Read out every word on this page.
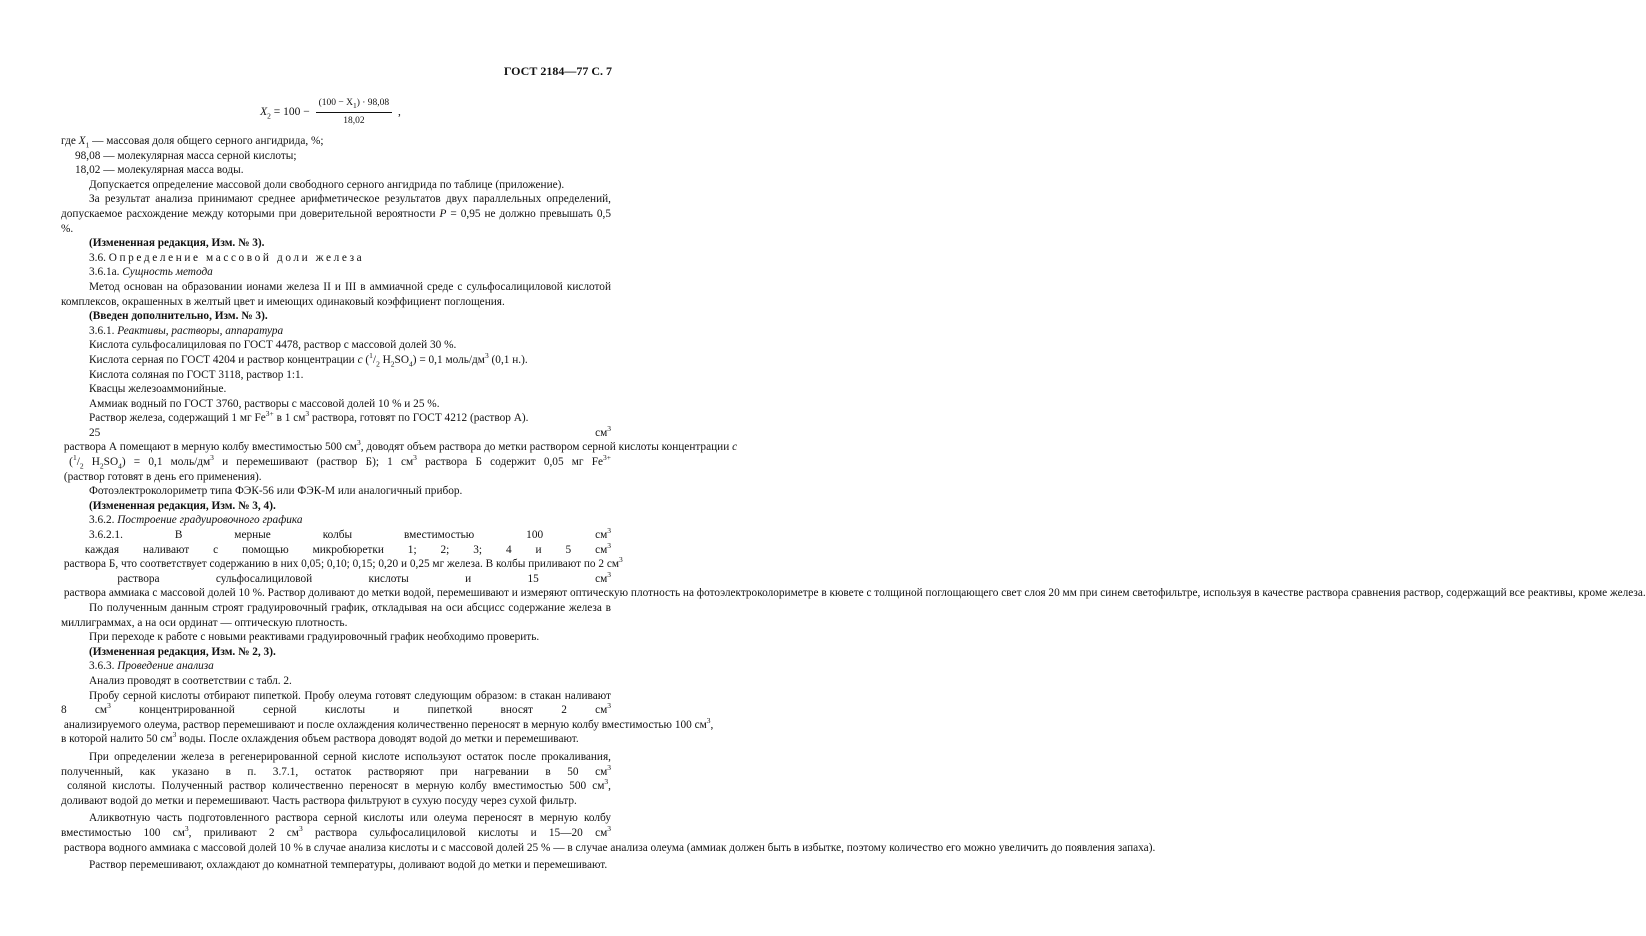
ГОСТ 2184—77 С. 7
$X_2 = 100 - \frac{(100 - X_1) \cdot 98,08}{18,02}$ ,
где $X_1$ — массовая доля общего серного ангидрида, %;
98,08 — молекулярная масса серной кислоты;
18,02 — молекулярная масса воды.
Допускается определение массовой доли свободного серного ангидрида по таблице (приложение).
За результат анализа принимают среднее арифметическое результатов двух параллельных определений, допускаемое расхождение между которыми при доверительной вероятности P = 0,95 не должно превышать 0,5 %.
(Измененная редакция, Изм. № 3).
3.6. Определение массовой доли железа
3.6.1а. Сущность метода
Метод основан на образовании ионами железа II и III в аммиачной среде с сульфосалициловой кислотой комплексов, окрашенных в желтый цвет и имеющих одинаковый коэффициент поглощения.
(Введен дополнительно, Изм. № 3).
3.6.1. Реактивы, растворы, аппаратура
Кислота сульфосалициловая по ГОСТ 4478, раствор с массовой долей 30 %.
Кислота серная по ГОСТ 4204 и раствор концентрации c ($^1/_2$ $H_2SO_4) = 0,1$ моль/$дм^3$ (0,1 н.).
Кислота соляная по ГОСТ 3118, раствор 1:1.
Квасцы железоаммонийные.
Аммиак водный по ГОСТ 3760, растворы с массовой долей 10 % и 25 %.
Раствор железа, содержащий 1 мг $Fe^{3+}$ в 1 $см^3$ раствора, готовят по ГОСТ 4212 (раствор А).
25 $см^3$ раствора А помещают в мерную колбу вместимостью 500 $см^3$, доводят объем раствора до метки раствором серной кислоты концентрации c ($^1/_2$ $H_2SO_4) = 0,1$ моль/$дм^3$ и перемешивают (раствор Б); 1 $см^3$ раствора Б содержит 0,05 мг $Fe^{3+}$ (раствор готовят в день его применения).
Фотоэлектроколориметр типа ФЭК-56 или ФЭК-М или аналогичный прибор.
(Измененная редакция, Изм. № 3, 4).
3.6.2. Построение градуировочного графика
3.6.2.1. В мерные колбы вместимостью 100 $см^3$ каждая наливают с помощью микробюретки 1; 2; 3; 4 и 5 $см^3$ раствора Б, что соответствует содержанию в них 0,05; 0,10; 0,15; 0,20 и 0,25 мг железа. В колбы приливают по 2 $см^3$ раствора сульфосалициловой кислоты и 15 $см^3$ раствора аммиака с массовой долей 10 %. Раствор доливают до метки водой, перемешивают и измеряют оптическую плотность на фотоэлектроколориметре в кювете с толщиной поглощающего свет слоя 20 мм при синем светофильтре, используя в качестве раствора сравнения раствор, содержащий все реактивы, кроме железа.
По полученным данным строят градуировочный график, откладывая на оси абсцисс содержание железа в миллиграммах, а на оси ординат — оптическую плотность.
При переходе к работе с новыми реактивами градуировочный график необходимо проверить.
(Измененная редакция, Изм. № 2, 3).
3.6.3. Проведение анализа
Анализ проводят в соответствии с табл. 2.
Пробу серной кислоты отбирают пипеткой. Пробу олеума готовят следующим образом: в стакан наливают 8 $см^3$ концентрированной серной кислоты и пипеткой вносят 2 $см^3$ анализируемого олеума, раствор перемешивают и после охлаждения количественно переносят в мерную колбу вместимостью 100 $см^3$, в которой налито 50 $см^3$ воды. После охлаждения объем раствора доводят водой до метки и перемешивают.
При определении железа в регенерированной серной кислоте используют остаток после прокаливания, полученный, как указано в п. 3.7.1, остаток растворяют при нагревании в 50 $см^3$ соляной кислоты. Полученный раствор количественно переносят в мерную колбу вместимостью 500 $см^3$, доливают водой до метки и перемешивают. Часть раствора фильтруют в сухую посуду через сухой фильтр.
Аликвотную часть подготовленного раствора серной кислоты или олеума переносят в мерную колбу вместимостью 100 $см^3$, приливают 2 $см^3$ раствора сульфосалициловой кислоты и 15—20 $см^3$ раствора водного аммиака с массовой долей 10 % в случае анализа кислоты и с массовой долей 25 % — в случае анализа олеума (аммиак должен быть в избытке, поэтому количество его можно увеличить до появления запаха).
Раствор перемешивают, охлаждают до комнатной температуры, доливают водой до метки и перемешивают.
